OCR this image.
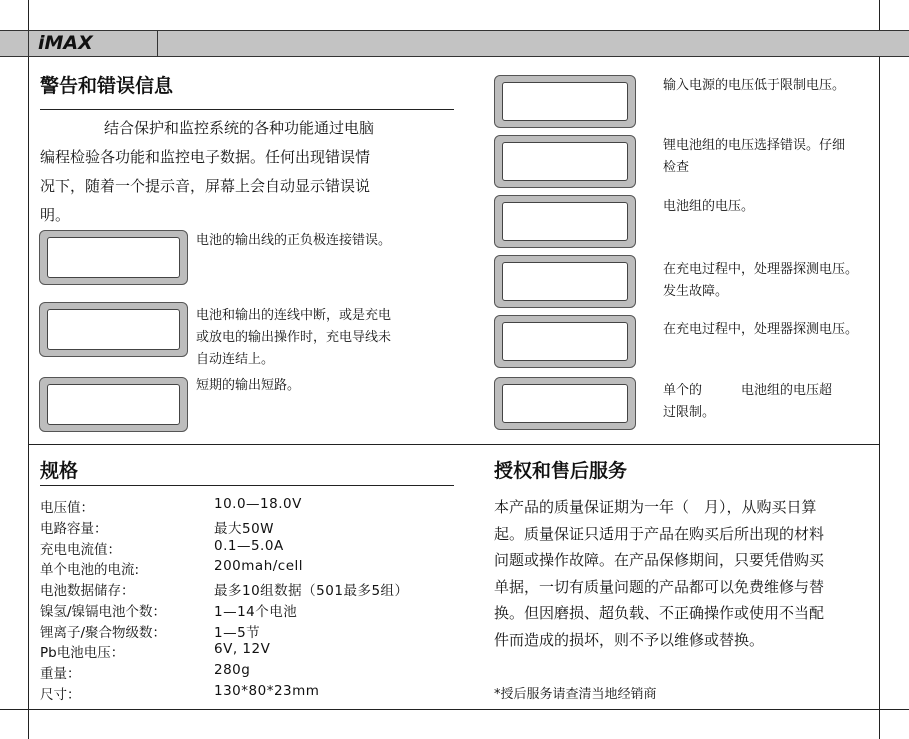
iMAX
警告和错误信息
结合保护和监控系统的各种功能通过电脑
编程检验各功能和监控电子数据。任何出现错误情
况下，随着一个提示音，屏幕上会自动显示错误说
明。
电池的输出线的正负极连接错误。
电池和输出的连线中断，或是充电
或放电的输出操作时，充电导线未
自动连结上。
短期的输出短路。
输入电源的电压低于限制电压。
锂电池组的电压选择错误。仔细
检查
电池组的电压。
在充电过程中，处理器探测电压。
发生故障。
在充电过程中，处理器探测电压。
单个的　　　电池组的电压超
过限制。
规格
电压值：	10.0—18.0V
电路容量：	最大50W
充电电流值：	0.1—5.0A
单个电池的电流:	200mah/cell
电池数据储存：	最多10组数据（501最多5组）
镍氢/镍镉电池个数：	1—14个电池
锂离子/聚合物级数：	1—5节
Pb电池电压：	6V, 12V
重量：	280g
尺寸：	130*80*23mm
授权和售后服务
本产品的质量保证期为一年（　月），从购买日算
起。质量保证只适用于产品在购买后所出现的材料
问题或操作故障。在产品保修期间，只要凭借购买
单据，一切有质量问题的产品都可以免费维修与替
换。但因磨损、超负载、不正确操作或使用不当配
件而造成的损坏，则不予以维修或替换。
*授后服务请查清当地经销商
